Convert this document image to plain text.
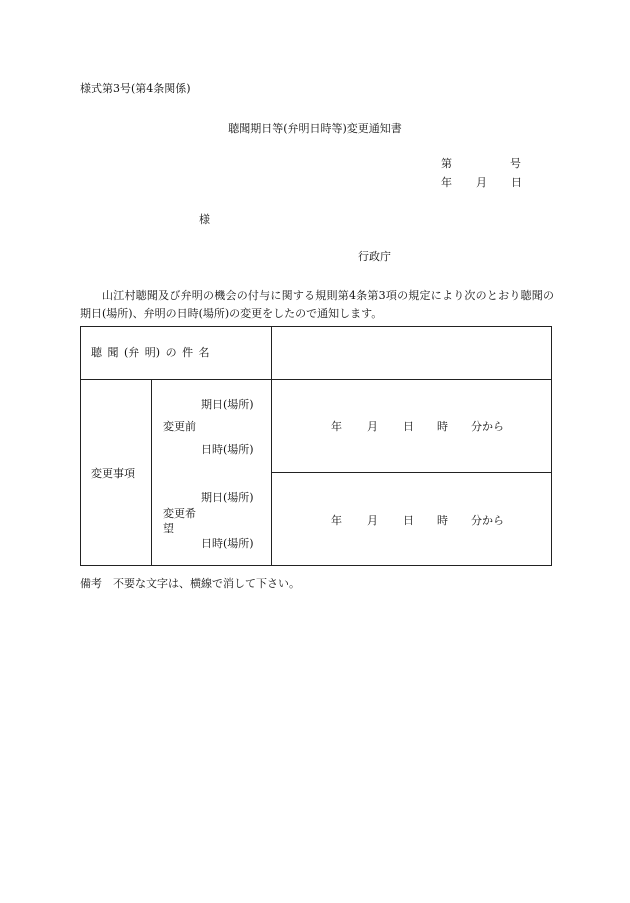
様式第3号(第4条関係)
聴聞期日等(弁明日時等)変更通知書
第	号
年 月 日
様
行政庁
山江村聴聞及び弁明の機会の付与に関する規則第4条第3項の規定により次のとおり聴聞の期日(場所)、弁明の日時(場所)の変更をしたので通知します。
聴 聞 (弁 明) の 件 名
変更事項
期日(場所)
変更前
日時(場所)
年 月 日 時 分から
期日(場所)
変更希
望
日時(場所)
年 月 日 時 分から
備考　不要な文字は、横線で消して下さい。
